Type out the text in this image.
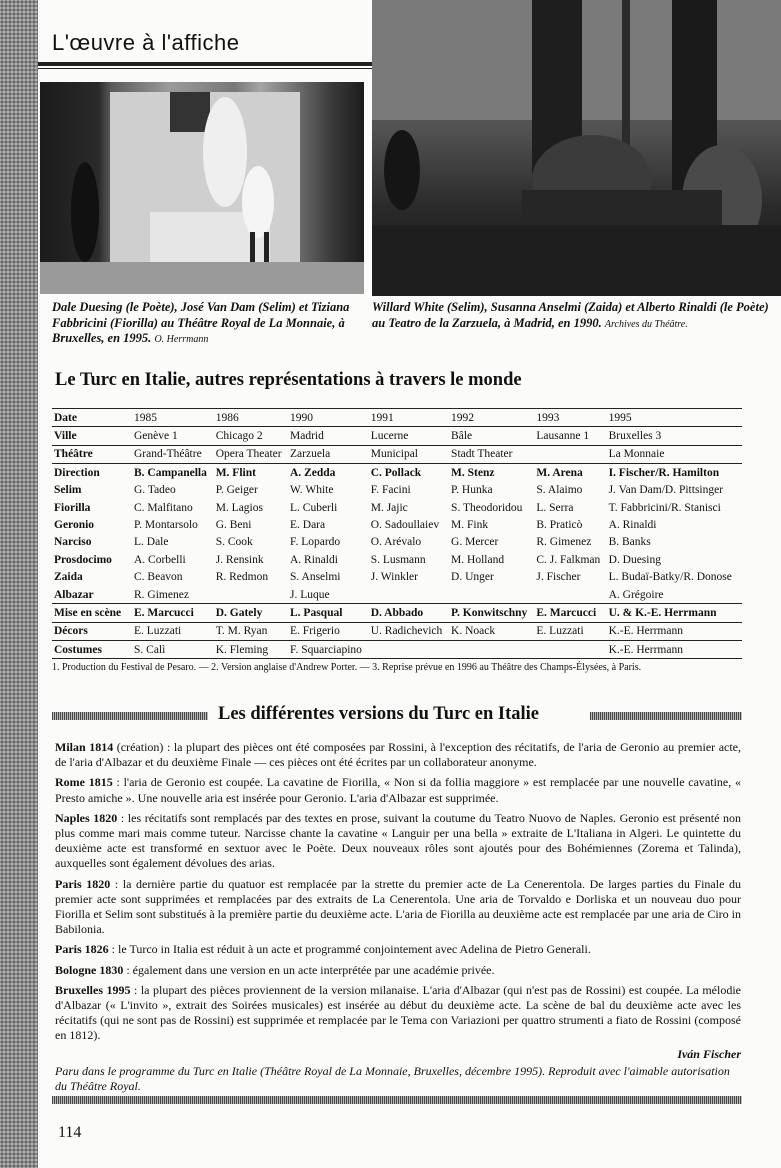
L'œuvre à l'affiche
Dale Duesing (le Poète), José Van Dam (Selim) et Tiziana Fabbricini (Fiorilla) au Théâtre Royal de La Monnaie, à Bruxelles, en 1995. O. Herrmann
Willard White (Selim), Susanna Anselmi (Zaida) et Alberto Rinaldi (le Poète) au Teatro de la Zarzuela, à Madrid, en 1990. Archives du Théâtre.
Le Turc en Italie, autres représentations à travers le monde
Date	1985	1986	1990	1991	1992	1993	1995
Ville	Genève 1	Chicago 2	Madrid	Lucerne	Bâle	Lausanne 1	Bruxelles 3
Théâtre	Grand-Théâtre	Opera Theater	Zarzuela	Municipal	Stadt Theater		La Monnaie
Direction	B. Campanella	M. Flint	A. Zedda	C. Pollack	M. Stenz	M. Arena	I. Fischer/R. Hamilton
Selim	G. Tadeo	P. Geiger	W. White	F. Facini	P. Hunka	S. Alaimo	J. Van Dam/D. Pittsinger
Fiorilla	C. Malfitano	M. Lagios	L. Cuberli	M. Jajic	S. Theodoridou	L. Serra	T. Fabbricini/R. Stanisci
Geronio	P. Montarsolo	G. Beni	E. Dara	O. Sadoullaiev	M. Fink	B. Praticò	A. Rinaldi
Narciso	L. Dale	S. Cook	F. Lopardo	O. Arévalo	G. Mercer	R. Gimenez	B. Banks
Prosdocimo	A. Corbelli	J. Rensink	A. Rinaldi	S. Lusmann	M. Holland	C. J. Falkman	D. Duesing
Zaida	C. Beavon	R. Redmon	S. Anselmi	J. Winkler	D. Unger	J. Fischer	L. Budaï-Batky/R. Donose
Albazar	R. Gimenez		J. Luque				A. Grégoire
Mise en scène	E. Marcucci	D. Gately	L. Pasqual	D. Abbado	P. Konwitschny	E. Marcucci	U. & K.-E. Herrmann
Décors	E. Luzzati	T. M. Ryan	E. Frigerio	U. Radichevich	K. Noack	E. Luzzati	K.-E. Herrmann
Costumes	S. Calì	K. Fleming	F. Squarciapino				K.-E. Herrmann
1. Production du Festival de Pesaro. — 2. Version anglaise d'Andrew Porter. — 3. Reprise prévue en 1996 au Théâtre des Champs-Élysées, à Paris.
Les différentes versions du Turc en Italie

Milan 1814 (création) : la plupart des pièces ont été composées par Rossini, à l'exception des récitatifs, de l'aria de Geronio au premier acte, de l'aria d'Albazar et du deuxième Finale — ces pièces ont été écrites par un collaborateur anonyme.

Rome 1815 : l'aria de Geronio est coupée. La cavatine de Fiorilla, « Non si da follia maggiore » est remplacée par une nouvelle cavatine, « Presto amiche ». Une nouvelle aria est insérée pour Geronio. L'aria d'Albazar est supprimée.

Naples 1820 : les récitatifs sont remplacés par des textes en prose, suivant la coutume du Teatro Nuovo de Naples. Geronio est présenté non plus comme mari mais comme tuteur. Narcisse chante la cavatine « Languir per una bella » extraite de L'Italiana in Algeri. Le quintette du deuxième acte est transformé en sextuor avec le Poète. Deux nouveaux rôles sont ajoutés pour des Bohémiennes (Zorema et Talinda), auxquelles sont également dévolues des arias.

Paris 1820 : la dernière partie du quatuor est remplacée par la strette du premier acte de La Cenerentola. De larges parties du Finale du premier acte sont supprimées et remplacées par des extraits de La Cenerentola. Une aria de Torvaldo e Dorliska et un nouveau duo pour Fiorilla et Selim sont substitués à la première partie du deuxième acte. L'aria de Fiorilla au deuxième acte est remplacée par une aria de Ciro in Babilonia.

Paris 1826 : le Turco in Italia est réduit à un acte et programmé conjointement avec Adelina de Pietro Generali.

Bologne 1830 : également dans une version en un acte interprétée par une académie privée.

Bruxelles 1995 : la plupart des pièces proviennent de la version milanaise. L'aria d'Albazar (qui n'est pas de Rossini) est coupée. La mélodie d'Albazar (« L'invito », extrait des Soirées musicales) est insérée au début du deuxième acte. La scène de bal du deuxième acte avec les récitatifs (qui ne sont pas de Rossini) est supprimée et remplacée par le Tema con Variazioni per quattro strumenti a fiato de Rossini (composé en 1812).

Iván Fischer
Paru dans le programme du Turc en Italie (Théâtre Royal de La Monnaie, Bruxelles, décembre 1995). Reproduit avec l'aimable autorisation du Théâtre Royal.
114
